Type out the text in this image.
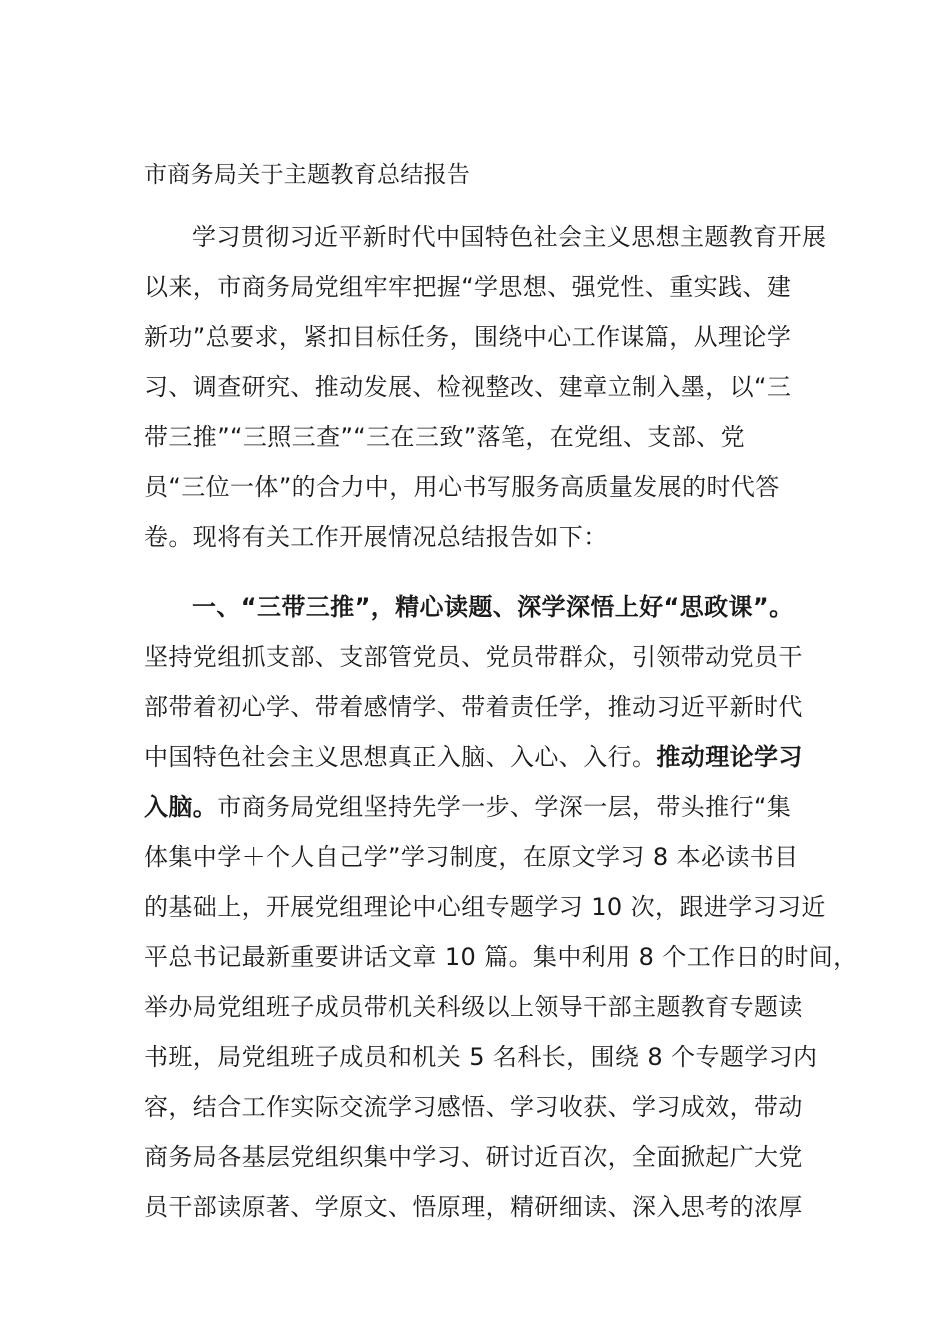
市商务局关于主题教育总结报告
学习贯彻习近平新时代中国特色社会主义思想主题教育开展
以来，市商务局党组牢牢把握“学思想、强党性、重实践、建
新功”总要求，紧扣目标任务，围绕中心工作谋篇，从理论学
习、调查研究、推动发展、检视整改、建章立制入墨，以“三
带三推”“三照三查”“三在三致”落笔，在党组、支部、党
员“三位一体”的合力中，用心书写服务高质量发展的时代答
卷。现将有关工作开展情况总结报告如下：
一、“三带三推”，精心读题、深学深悟上好“思政课”。
坚持党组抓支部、支部管党员、党员带群众，引领带动党员干
部带着初心学、带着感情学、带着责任学，推动习近平新时代
中国特色社会主义思想真正入脑、入心、入行。推动理论学习
入脑。市商务局党组坚持先学一步、学深一层，带头推行“集
体集中学＋个人自己学”学习制度，在原文学习 8 本必读书目
的基础上，开展党组理论中心组专题学习 10 次，跟进学习习近
平总书记最新重要讲话文章 10 篇。集中利用 8 个工作日的时间，
举办局党组班子成员带机关科级以上领导干部主题教育专题读
书班，局党组班子成员和机关 5 名科长，围绕 8 个专题学习内
容，结合工作实际交流学习感悟、学习收获、学习成效，带动
商务局各基层党组织集中学习、研讨近百次，全面掀起广大党
员干部读原著、学原文、悟原理，精研细读、深入思考的浓厚
